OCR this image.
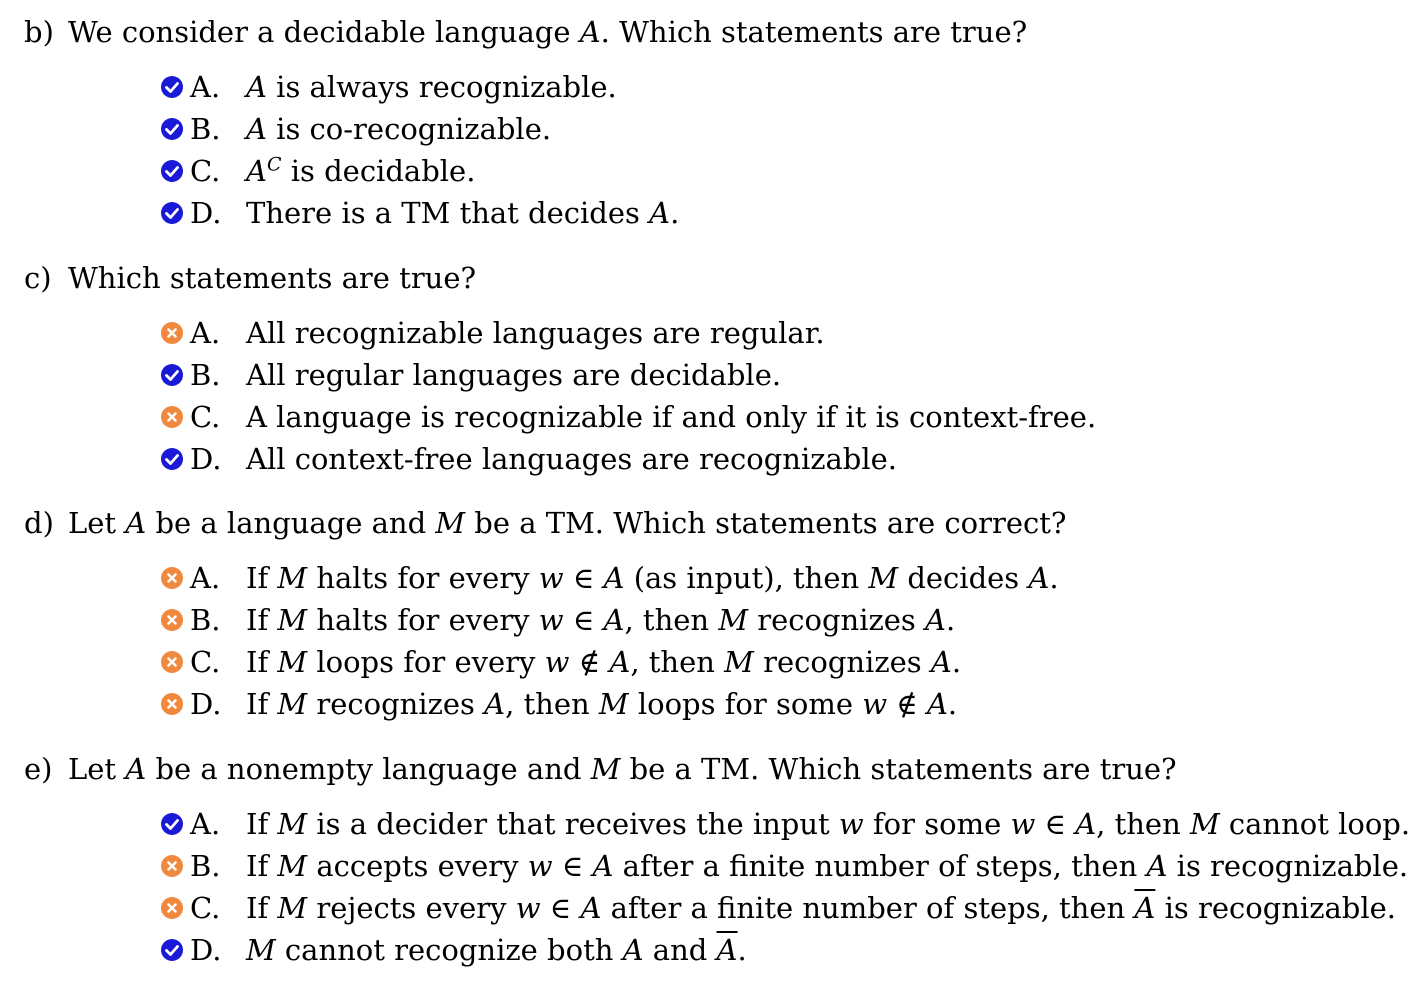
b) We consider a decidable language A. Which statements are true?
A. A is always recognizable.
B. A is co-recognizable.
C. $A^C$ is decidable.
D. There is a TM that decides A.
c) Which statements are true?
A. All recognizable languages are regular.
B. All regular languages are decidable.
C. A language is recognizable if and only if it is context-free.
D. All context-free languages are recognizable.
d) Let A be a language and M be a TM. Which statements are correct?
A. If M halts for every w ∈ A (as input), then M decides A.
B. If M halts for every w ∈ A, then M recognizes A.
C. If M loops for every w ∉ A, then M recognizes A.
D. If M recognizes A, then M loops for some w ∉ A.
e) Let A be a nonempty language and M be a TM. Which statements are true?
A. If M is a decider that receives the input w for some w ∈ A, then M cannot loop.
B. If M accepts every w ∈ A after a finite number of steps, then A is recognizable.
C. If M rejects every w ∈ A after a finite number of steps, then $\overline{A}$ is recognizable.
D. M cannot recognize both A and $\overline{A}$.
